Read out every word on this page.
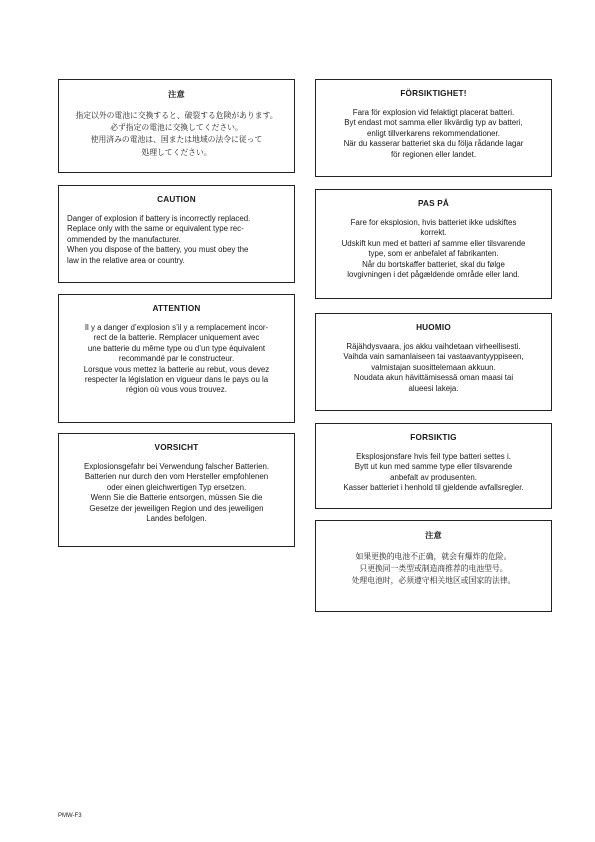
注意
指定以外の電池に交換すると、破裂する危険があります。
必ず指定の電池に交換してください。
使用済みの電池は、国または地域の法令に従って
処理してください。
CAUTION
Danger of explosion if battery is incorrectly replaced.
Replace only with the same or equivalent type rec-
ommended by the manufacturer.
When you dispose of the battery, you must obey the
law in the relative area or country.
ATTENTION
Il y a danger d’explosion s’il y a remplacement incor-
rect de la batterie. Remplacer uniquement avec
une batterie du même type ou d’un type équivalent
recommandé par le constructeur.
Lorsque vous mettez la batterie au rebut, vous devez
respecter la législation en vigueur dans le pays ou la
région où vous vous trouvez.
VORSICHT
Explosionsgefahr bei Verwendung falscher Batterien.
Batterien nur durch den vom Hersteller empfohlenen
oder einen gleichwertigen Typ ersetzen.
Wenn Sie die Batterie entsorgen, müssen Sie die
Gesetze der jeweiligen Region und des jeweiligen
Landes befolgen.
FÖRSIKTIGHET!
Fara för explosion vid felaktigt placerat batteri.
Byt endast mot samma eller likvärdig typ av batteri,
enligt tillverkarens rekommendationer.
När du kasserar batteriet ska du följa rådande lagar
för regionen eller landet.
PAS PÅ
Fare for eksplosion, hvis batteriet ikke udskiftes
korrekt.
Udskift kun med et batteri af samme eller tilsvarende
type, som er anbefalet af fabrikanten.
Når du bortskaffer batteriet, skal du følge
lovgivningen i det pågældende område eller land.
HUOMIO
Räjähdysvaara, jos akku vaihdetaan virheellisesti.
Vaihda vain samanlaiseen tai vastaavantyyppiseen,
valmistajan suosittelemaan akkuun.
Noudata akun hävittämisessä oman maasi tai
alueesi lakeja.
FORSIKTIG
Eksplosjonsfare hvis feil type batteri settes i.
Bytt ut kun med samme type eller tilsvarende
anbefalt av produsenten.
Kasser batteriet i henhold til gjeldende avfallsregler.
注意
如果更换的电池不正确，就会有爆炸的危险。
只更换同一类型或制造商推荐的电池型号。
处理电池时，必须遵守相关地区或国家的法律。
PMW-F3
